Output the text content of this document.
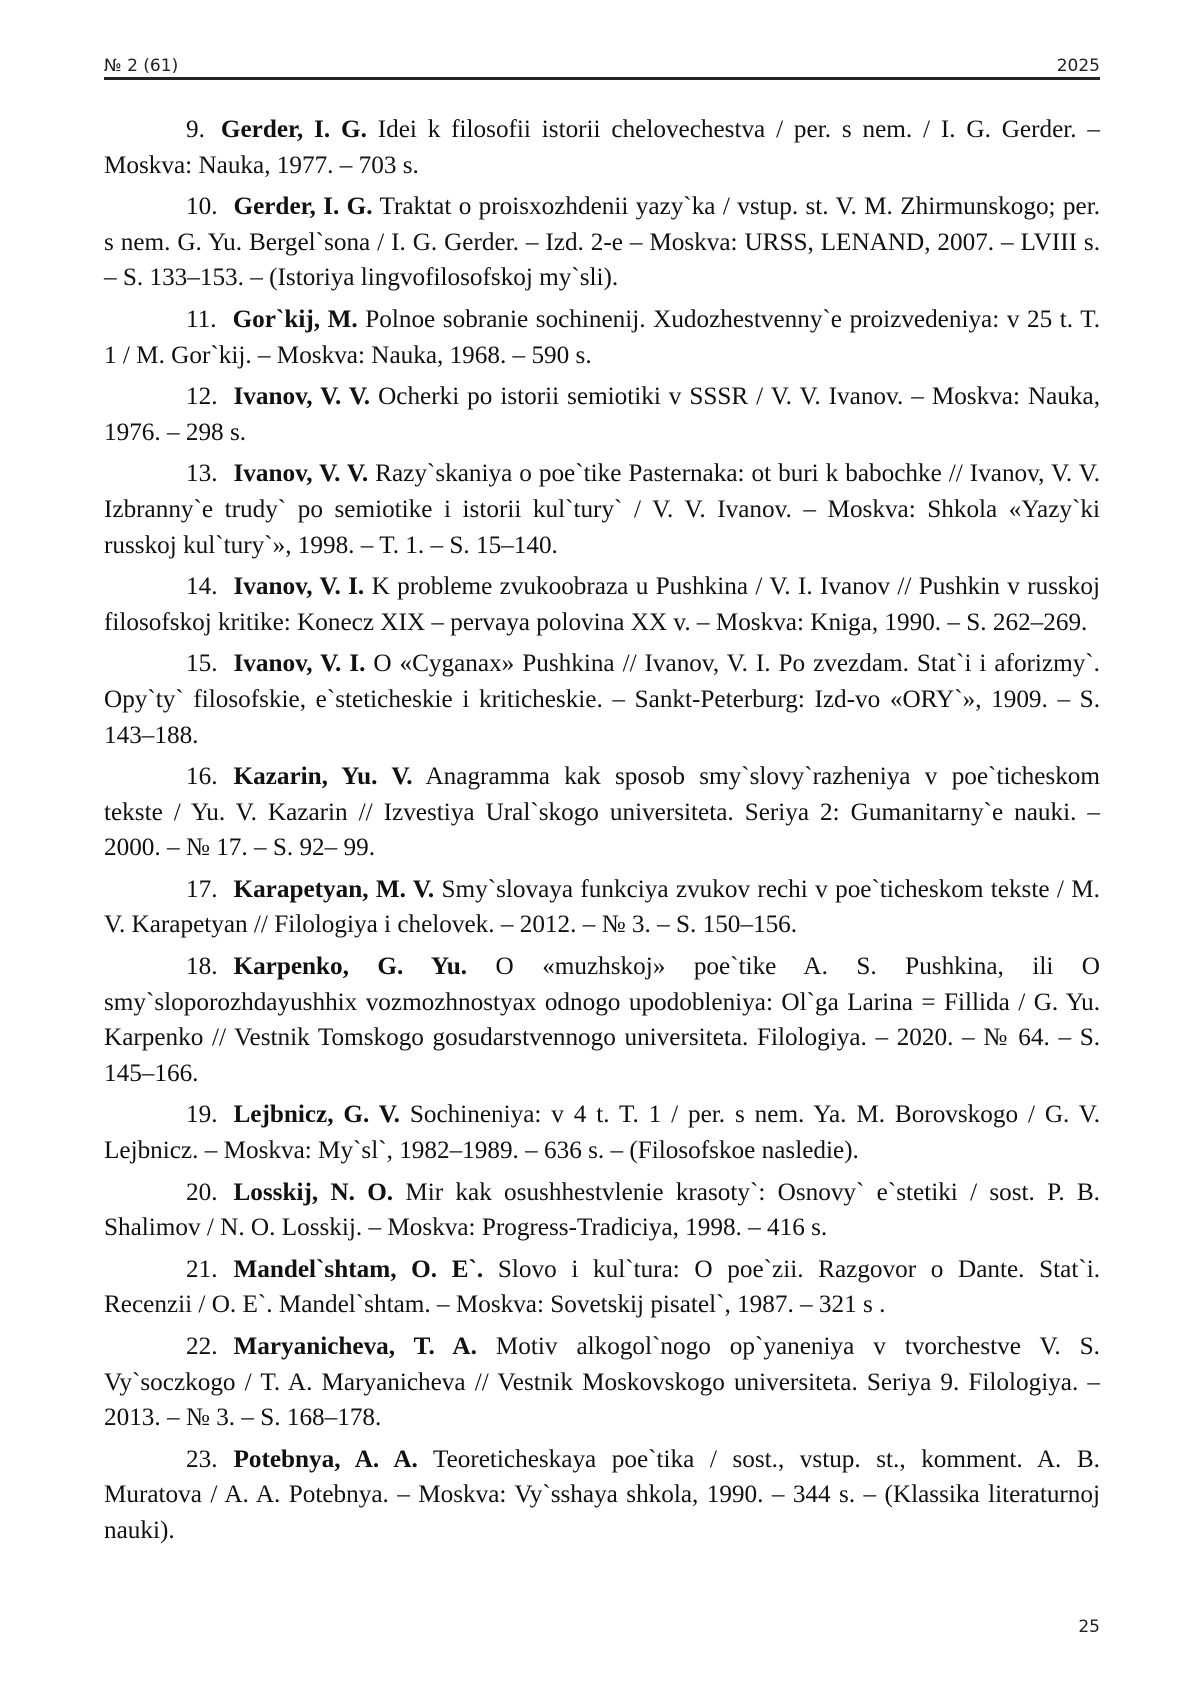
№ 2 (61)	2025

9. Gerder, I. G. Idei k filosofii istorii chelovechestva / per. s nem. / I. G. Gerder. – Moskva: Nauka, 1977. – 703 s.

10. Gerder, I. G. Traktat o proisxozhdenii yazy`ka / vstup. st. V. M. Zhirmunskogo; per. s nem. G. Yu. Bergel`sona / I. G. Gerder. – Izd. 2-e – Moskva: URSS, LENAND, 2007. – LVIII s. – S. 133–153. – (Istoriya lingvofilosofskoj my`sli).

11. Gor`kij, M. Polnoe sobranie sochinenij. Xudozhestvenny`e proizvedeniya: v 25 t. T. 1 / M. Gor`kij. – Moskva: Nauka, 1968. – 590 s.

12. Ivanov, V. V. Ocherki po istorii semiotiki v SSSR / V. V. Ivanov. – Moskva: Nauka, 1976. – 298 s.

13. Ivanov, V. V. Razy`skaniya o poe`tike Pasternaka: ot buri k babochke // Ivanov, V. V. Izbranny`e trudy` po semiotike i istorii kul`tury` / V. V. Ivanov. – Moskva: Shkola «Yazy`ki russkoj kul`tury`», 1998. – T. 1. – S. 15–140.

14. Ivanov, V. I. K probleme zvukoobraza u Pushkina / V. I. Ivanov // Pushkin v russkoj filosofskoj kritike: Konecz XIX – pervaya polovina XX v. – Moskva: Kniga, 1990. – S. 262–269.

15. Ivanov, V. I. O «Cyganax» Pushkina // Ivanov, V. I. Po zvezdam. Stat`i i aforizmy`. Opy`ty` filosofskie, e`steticheskie i kriticheskie. – Sankt-Peterburg: Izd-vo «ORY`», 1909. – S. 143–188.

16. Kazarin, Yu. V. Anagramma kak sposob smy`slovy`razheniya v poe`ticheskom tekste / Yu. V. Kazarin // Izvestiya Ural`skogo universiteta. Seriya 2: Gumanitarny`e nauki. – 2000. – № 17. – S. 92– 99.

17. Karapetyan, M. V. Smy`slovaya funkciya zvukov rechi v poe`ticheskom tekste / M. V. Karapetyan // Filologiya i chelovek. – 2012. – № 3. – S. 150–156.

18. Karpenko, G. Yu. O «muzhskoj» poe`tike A. S. Pushkina, ili O smy`sloporozhdayushhix vozmozhnostyax odnogo upodobleniya: Ol`ga Larina = Fillida / G. Yu. Karpenko // Vestnik Tomskogo gosudarstvennogo universiteta. Filologiya. – 2020. – № 64. – S. 145–166.

19. Lejbnicz, G. V. Sochineniya: v 4 t. T. 1 / per. s nem. Ya. M. Borovskogo / G. V. Lejbnicz. – Moskva: My`sl`, 1982–1989. – 636 s. – (Filosofskoe nasledie).

20. Losskij, N. O. Mir kak osushhestvlenie krasoty`: Osnovy` e`stetiki / sost. P. B. Shalimov / N. O. Losskij. – Moskva: Progress-Tradiciya, 1998. – 416 s.

21. Mandel`shtam, O. E`. Slovo i kul`tura: O poe`zii. Razgovor o Dante. Stat`i. Recenzii / O. E`. Mandel`shtam. – Moskva: Sovetskij pisatel`, 1987. – 321 s .

22. Maryanicheva, T. A. Motiv alkogol`nogo op`yaneniya v tvorchestve V. S. Vy`soczkogo / T. A. Maryanicheva // Vestnik Moskovskogo universiteta. Seriya 9. Filologiya. – 2013. – № 3. – S. 168–178.

23. Potebnya, A. A. Teoreticheskaya poe`tika / sost., vstup. st., komment. A. B. Muratova / A. A. Potebnya. – Moskva: Vy`sshaya shkola, 1990. – 344 s. – (Klassika literaturnoj nauki).

25
